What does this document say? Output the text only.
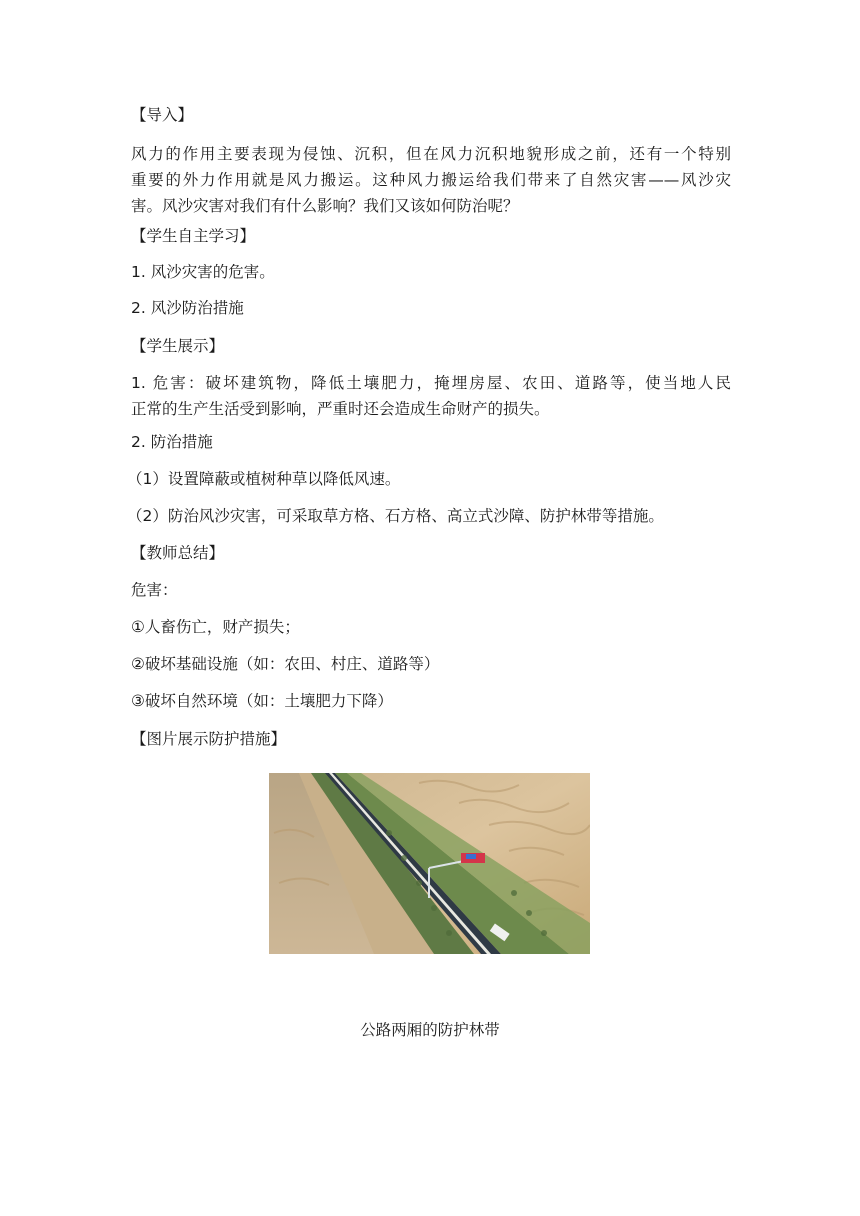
【导入】
风力的作用主要表现为侵蚀、沉积，但在风力沉积地貌形成之前，还有一个特别
重要的外力作用就是风力搬运。这种风力搬运给我们带来了自然灾害——风沙灾
害。风沙灾害对我们有什么影响？我们又该如何防治呢？
【学生自主学习】
1. 风沙灾害的危害。
2. 风沙防治措施
【学生展示】
1. 危害：破坏建筑物，降低土壤肥力，掩埋房屋、农田、道路等，使当地人民
正常的生产生活受到影响，严重时还会造成生命财产的损失。
2. 防治措施
（1）设置障蔽或植树种草以降低风速。
（2）防治风沙灾害，可采取草方格、石方格、高立式沙障、防护林带等措施。
【教师总结】
危害：
①人畜伤亡，财产损失；
②破坏基础设施（如：农田、村庄、道路等）
③破坏自然环境（如：土壤肥力下降）
【图片展示防护措施】
公路两厢的防护林带
